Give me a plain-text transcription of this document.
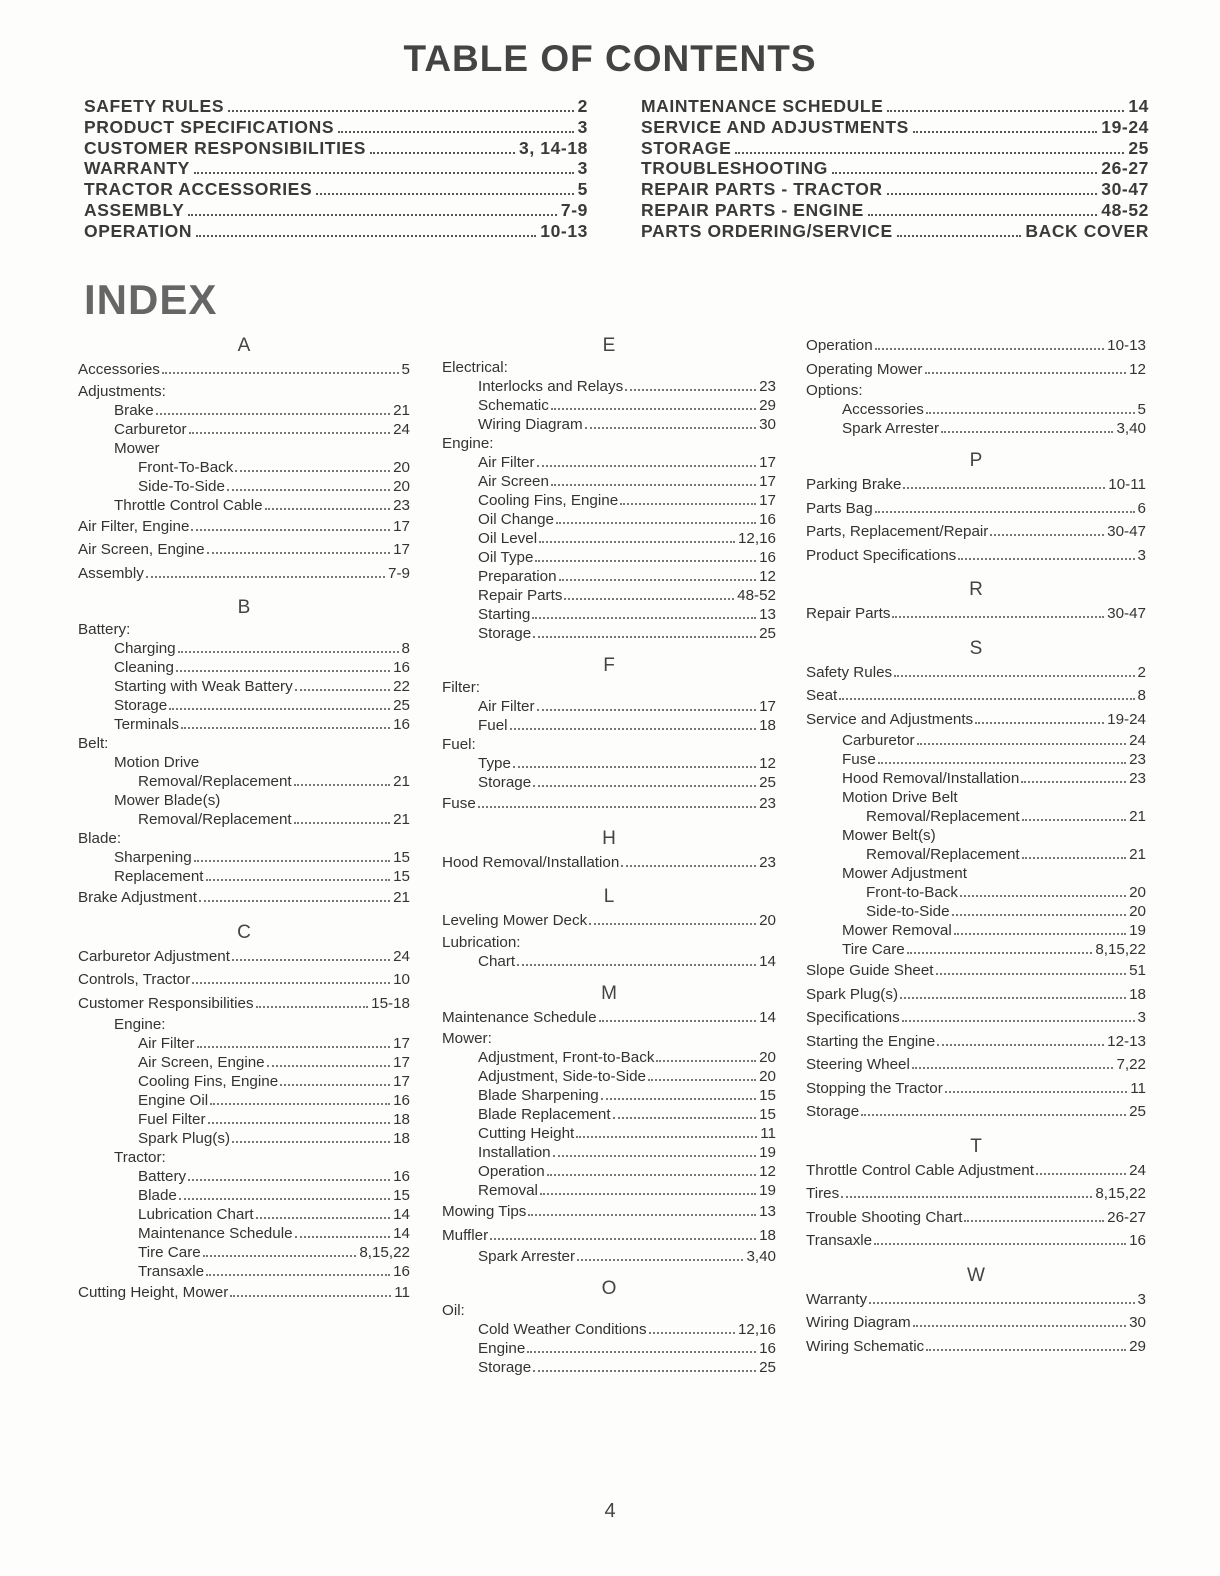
TABLE OF CONTENTS
SAFETY RULES	2
PRODUCT SPECIFICATIONS	3
CUSTOMER RESPONSIBILITIES	3, 14-18
WARRANTY	3
TRACTOR ACCESSORIES	5
ASSEMBLY	7-9
OPERATION	10-13
MAINTENANCE SCHEDULE	14
SERVICE AND ADJUSTMENTS	19-24
STORAGE	25
TROUBLESHOOTING	26-27
REPAIR PARTS - TRACTOR	30-47
REPAIR PARTS - ENGINE	48-52
PARTS ORDERING/SERVICE	BACK COVER
INDEX
A
Accessories	5
Adjustments:
Brake	21
Carburetor	24
Mower
Front-To-Back	20
Side-To-Side	20
Throttle Control Cable	23
Air Filter, Engine	17
Air Screen, Engine	17
Assembly	7-9
B
Battery:
Charging	8
Cleaning	16
Starting with Weak Battery	22
Storage	25
Terminals	16
Belt:
Motion Drive
Removal/Replacement	21
Mower Blade(s)
Removal/Replacement	21
Blade:
Sharpening	15
Replacement	15
Brake Adjustment	21
C
Carburetor Adjustment	24
Controls, Tractor	10
Customer Responsibilities	15-18
Engine:
Air Filter	17
Air Screen, Engine	17
Cooling Fins, Engine	17
Engine Oil	16
Fuel Filter	18
Spark Plug(s)	18
Tractor:
Battery	16
Blade	15
Lubrication Chart	14
Maintenance Schedule	14
Tire Care	8,15,22
Transaxle	16
Cutting Height, Mower	11
E
Electrical:
Interlocks and Relays	23
Schematic	29
Wiring Diagram	30
Engine:
Air Filter	17
Air Screen	17
Cooling Fins, Engine	17
Oil Change	16
Oil Level	12,16
Oil Type	16
Preparation	12
Repair Parts	48-52
Starting	13
Storage	25
F
Filter:
Air Filter	17
Fuel	18
Fuel:
Type	12
Storage	25
Fuse	23
H
Hood Removal/Installation	23
L
Leveling Mower Deck	20
Lubrication:
Chart	14
M
Maintenance Schedule	14
Mower:
Adjustment, Front-to-Back	20
Adjustment, Side-to-Side	20
Blade Sharpening	15
Blade Replacement	15
Cutting Height	11
Installation	19
Operation	12
Removal	19
Mowing Tips	13
Muffler	18
Spark Arrester	3,40
O
Oil:
Cold Weather Conditions	12,16
Engine	16
Storage	25
Operation	10-13
Operating Mower	12
Options:
Accessories	5
Spark Arrester	3,40
P
Parking Brake	10-11
Parts Bag	6
Parts, Replacement/Repair	30-47
Product Specifications	3
R
Repair Parts	30-47
S
Safety Rules	2
Seat	8
Service and Adjustments	19-24
Carburetor	24
Fuse	23
Hood Removal/Installation	23
Motion Drive Belt
Removal/Replacement	21
Mower Belt(s)
Removal/Replacement	21
Mower Adjustment
Front-to-Back	20
Side-to-Side	20
Mower Removal	19
Tire Care	8,15,22
Slope Guide Sheet	51
Spark Plug(s)	18
Specifications	3
Starting the Engine	12-13
Steering Wheel	7,22
Stopping the Tractor	11
Storage	25
T
Throttle Control Cable Adjustment	24
Tires	8,15,22
Trouble Shooting Chart	26-27
Transaxle	16
W
Warranty	3
Wiring Diagram	30
Wiring Schematic	29
4
